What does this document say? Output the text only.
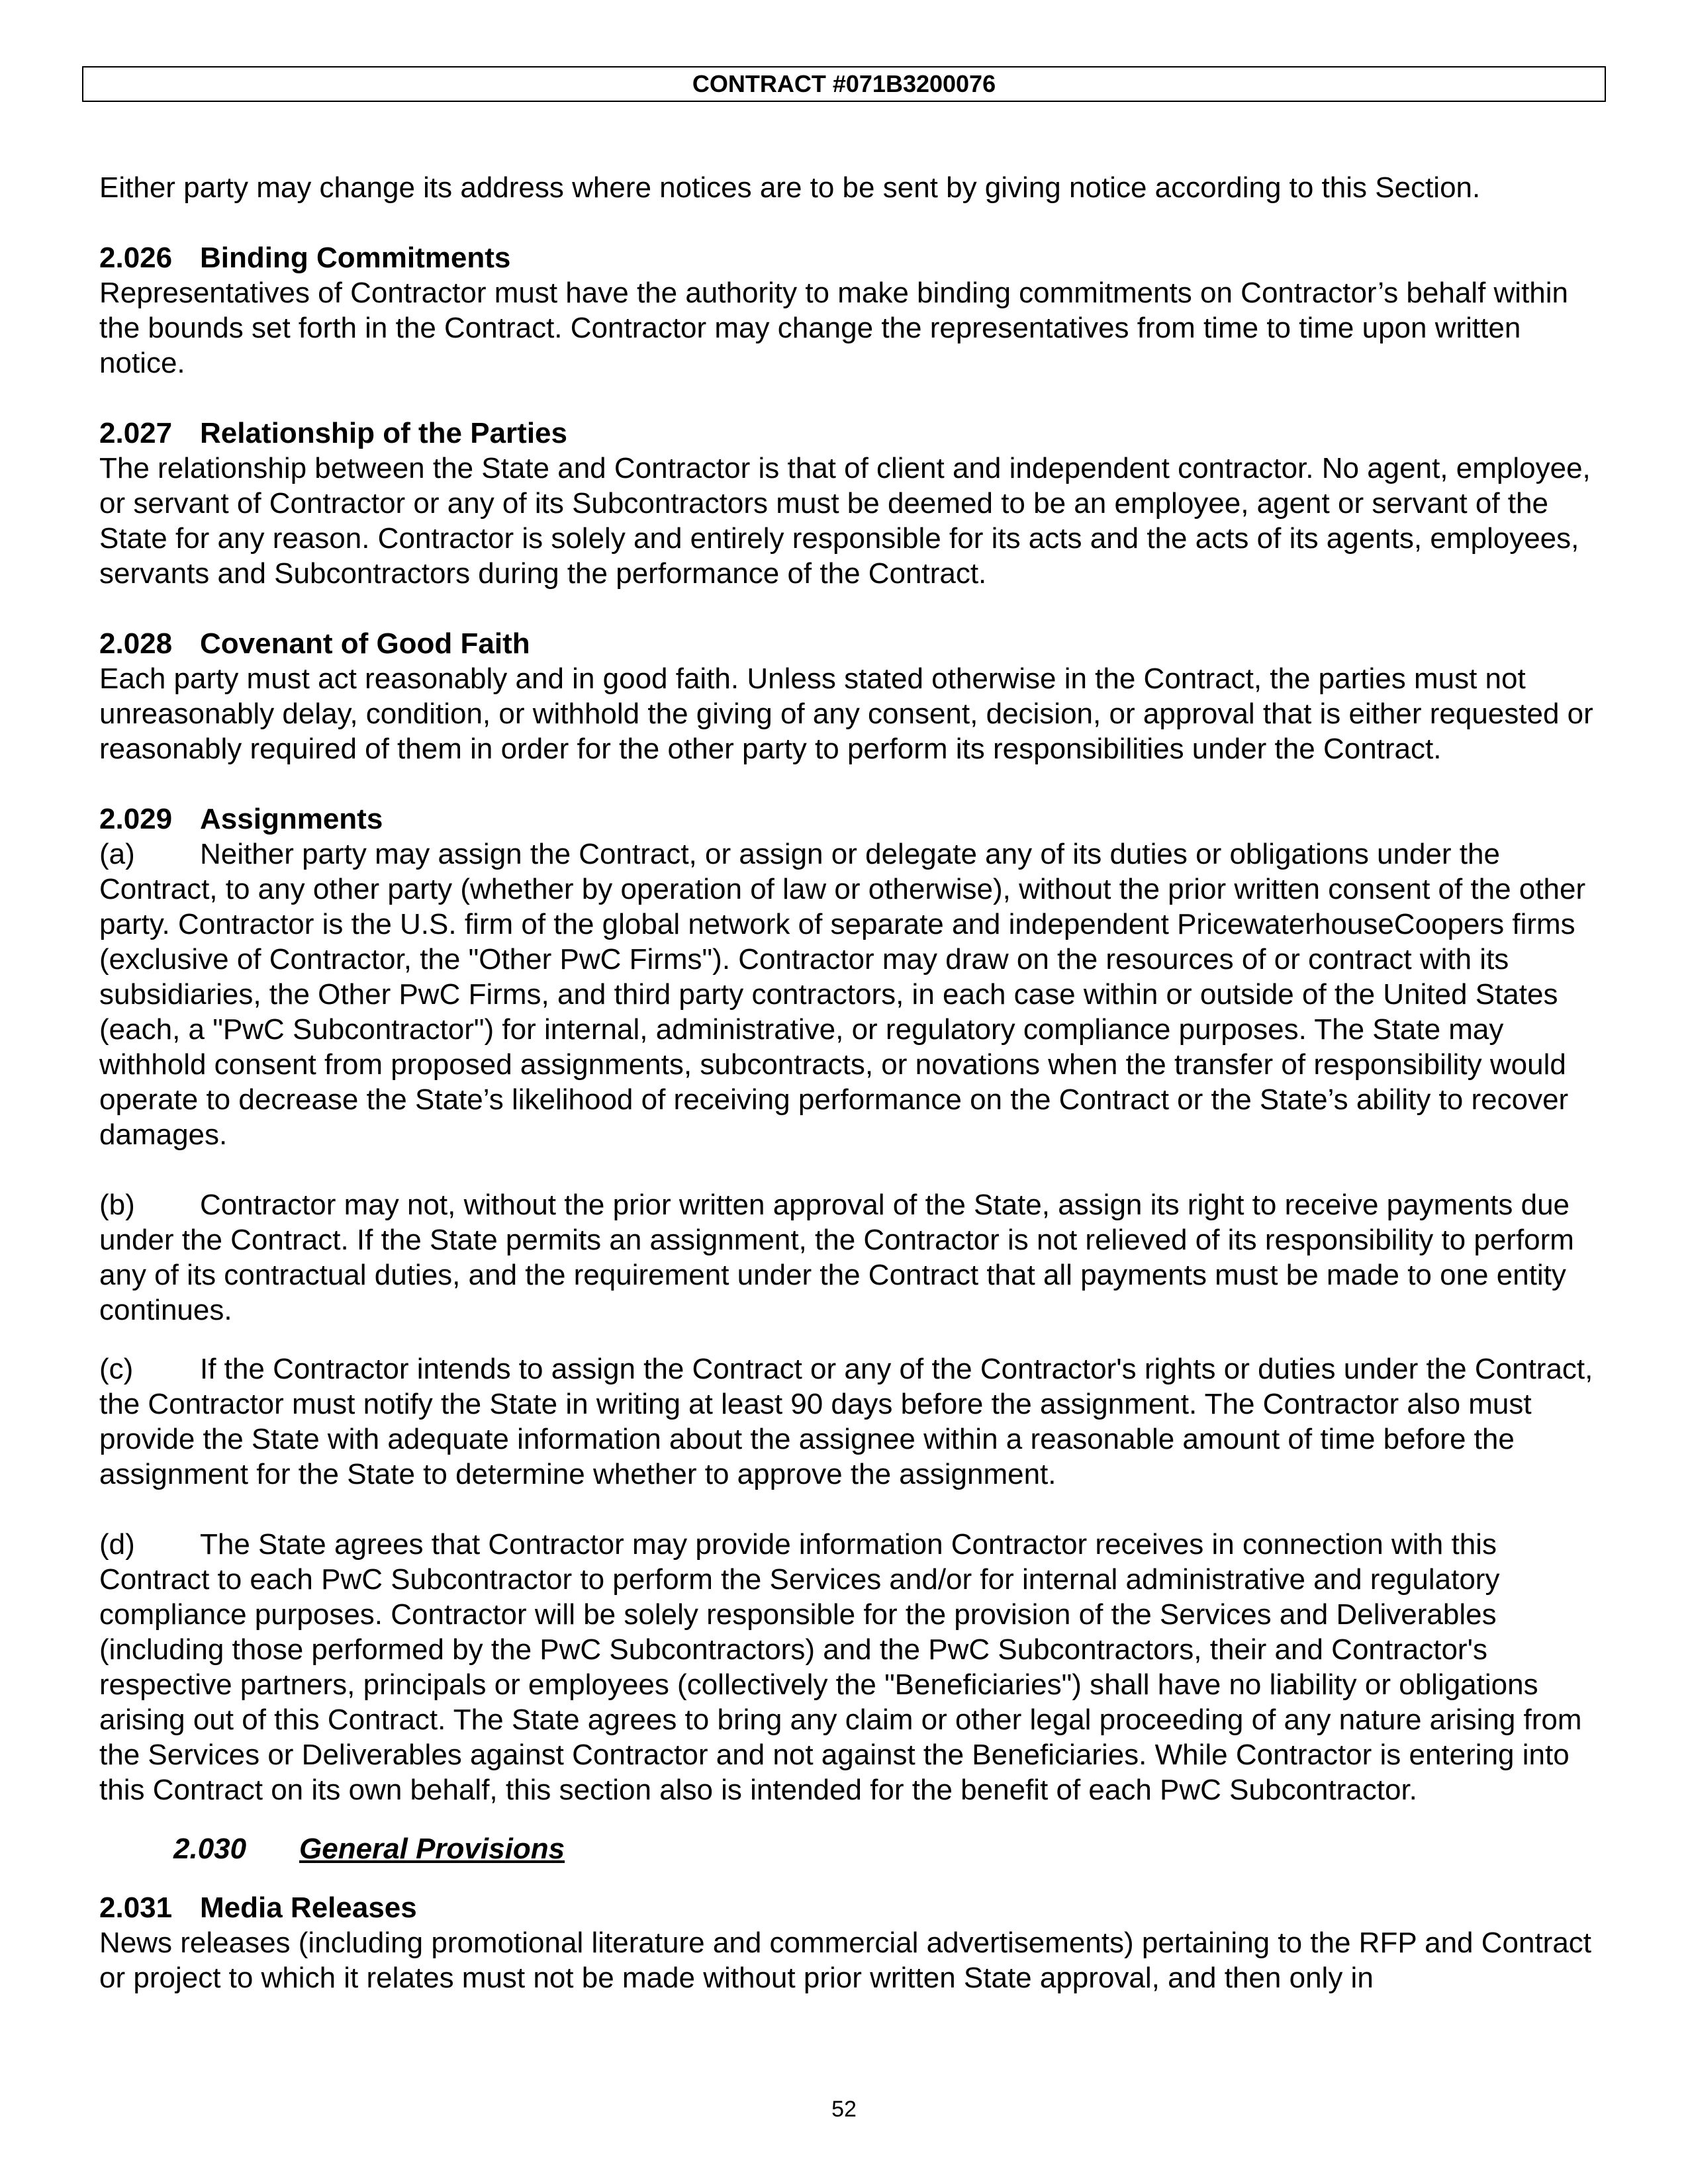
CONTRACT #071B3200076

Either party may change its address where notices are to be sent by giving notice according to this Section.

2.026 Binding Commitments

Representatives of Contractor must have the authority to make binding commitments on Contractor’s behalf within the bounds set forth in the Contract. Contractor may change the representatives from time to time upon written notice.

2.027 Relationship of the Parties

The relationship between the State and Contractor is that of client and independent contractor. No agent, employee, or servant of Contractor or any of its Subcontractors must be deemed to be an employee, agent or servant of the State for any reason. Contractor is solely and entirely responsible for its acts and the acts of its agents, employees, servants and Subcontractors during the performance of the Contract.

2.028 Covenant of Good Faith

Each party must act reasonably and in good faith. Unless stated otherwise in the Contract, the parties must not unreasonably delay, condition, or withhold the giving of any consent, decision, or approval that is either requested or reasonably required of them in order for the other party to perform its responsibilities under the Contract.

2.029 Assignments

(a) Neither party may assign the Contract, or assign or delegate any of its duties or obligations under the Contract, to any other party (whether by operation of law or otherwise), without the prior written consent of the other party. Contractor is the U.S. firm of the global network of separate and independent PricewaterhouseCoopers firms (exclusive of Contractor, the "Other PwC Firms"). Contractor may draw on the resources of or contract with its subsidiaries, the Other PwC Firms, and third party contractors, in each case within or outside of the United States (each, a "PwC Subcontractor") for internal, administrative, or regulatory compliance purposes. The State may withhold consent from proposed assignments, subcontracts, or novations when the transfer of responsibility would operate to decrease the State’s likelihood of receiving performance on the Contract or the State’s ability to recover damages.

(b) Contractor may not, without the prior written approval of the State, assign its right to receive payments due under the Contract. If the State permits an assignment, the Contractor is not relieved of its responsibility to perform any of its contractual duties, and the requirement under the Contract that all payments must be made to one entity continues.

(c) If the Contractor intends to assign the Contract or any of the Contractor's rights or duties under the Contract, the Contractor must notify the State in writing at least 90 days before the assignment. The Contractor also must provide the State with adequate information about the assignee within a reasonable amount of time before the assignment for the State to determine whether to approve the assignment.

(d) The State agrees that Contractor may provide information Contractor receives in connection with this Contract to each PwC Subcontractor to perform the Services and/or for internal administrative and regulatory compliance purposes. Contractor will be solely responsible for the provision of the Services and Deliverables (including those performed by the PwC Subcontractors) and the PwC Subcontractors, their and Contractor's respective partners, principals or employees (collectively the "Beneficiaries") shall have no liability or obligations arising out of this Contract. The State agrees to bring any claim or other legal proceeding of any nature arising from the Services or Deliverables against Contractor and not against the Beneficiaries. While Contractor is entering into this Contract on its own behalf, this section also is intended for the benefit of each PwC Subcontractor.

2.030 General Provisions

2.031 Media Releases

News releases (including promotional literature and commercial advertisements) pertaining to the RFP and Contract or project to which it relates must not be made without prior written State approval, and then only in

52
